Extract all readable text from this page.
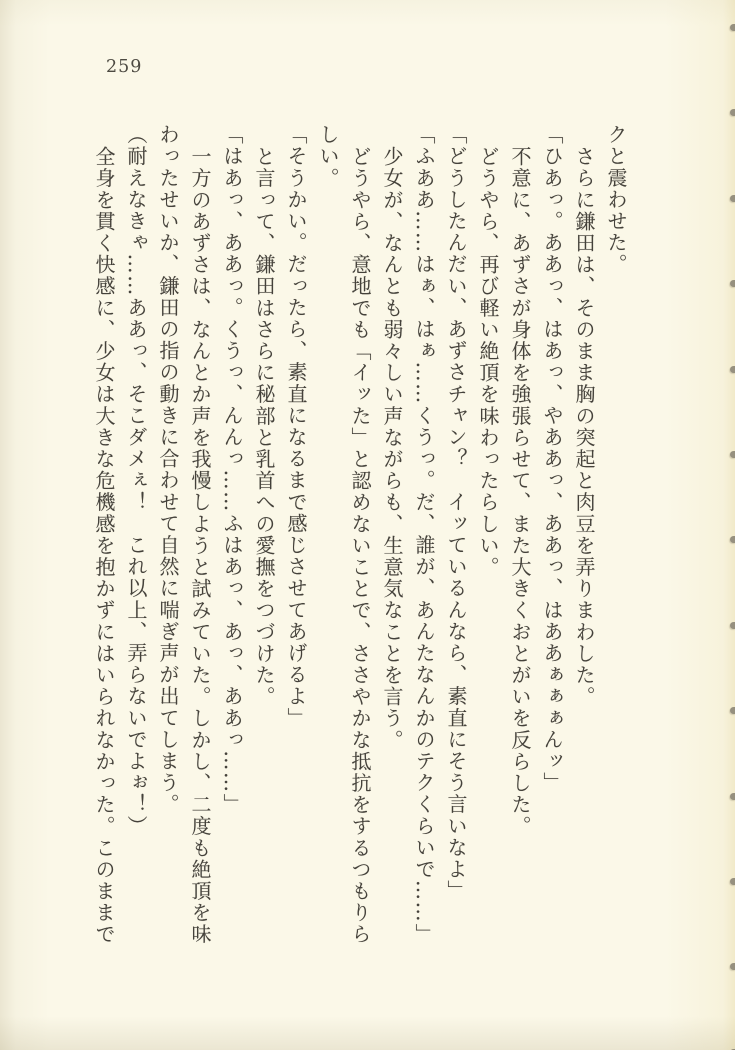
259

クと震わせた。

さらに鎌田は、そのまま胸の突起と肉豆を弄りまわした。

「ひあっ。ああっ、はあっ、やああっ、ああっ、はああぁぁぁんッ」

不意に、あずさが身体を強張らせて、また大きくおとがいを反らした。

どうやら、再び軽い絶頂を味わったらしい。

「どうしたんだい、あずさチャン？　イッているんなら、素直にそう言いなよ」

「ふああ……はぁ、はぁ……くうっ。だ、誰が、あんたなんかのテクくらいで……」

少女が、なんとも弱々しい声ながらも、生意気なことを言う。

どうやら、意地でも「イッた」と認めないことで、ささやかな抵抗をするつもりら

しい。

「そうかい。だったら、素直になるまで感じさせてあげるよ」

と言って、鎌田はさらに秘部と乳首への愛撫をつづけた。

「はあっ、ああっ。くうっ、んんっ……ふはあっ、あっ、ああっ……」

一方のあずさは、なんとか声を我慢しようと試みていた。しかし、二度も絶頂を味

わったせいか、鎌田の指の動きに合わせて自然に喘ぎ声が出てしまう。

（耐えなきゃ……ああっ、そこダメぇ！　これ以上、弄らないでよぉ！）

全身を貫く快感に、少女は大きな危機感を抱かずにはいられなかった。このままで
